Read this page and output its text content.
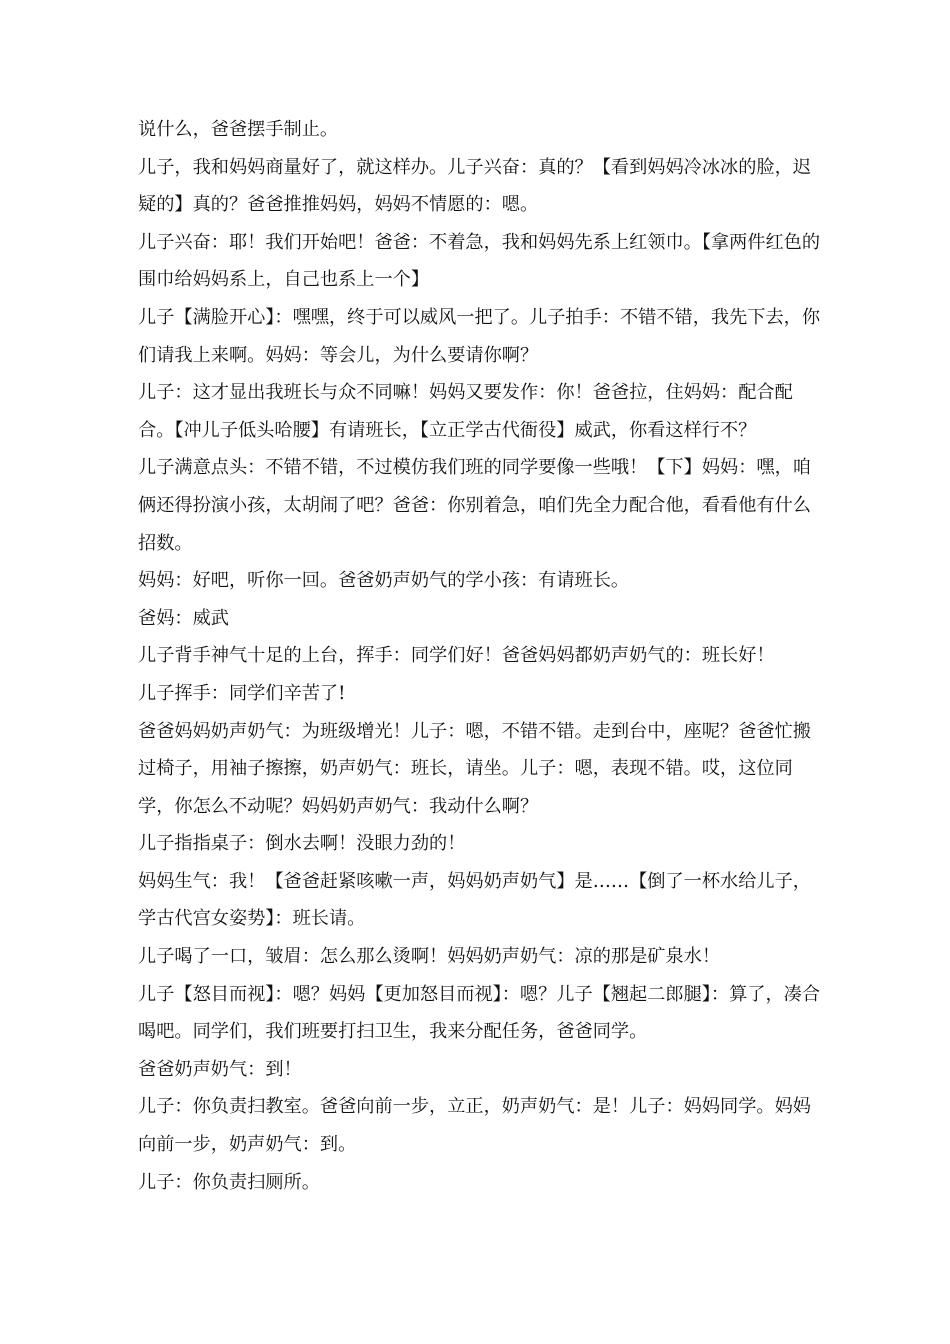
说什么，爸爸摆手制止。

儿子，我和妈妈商量好了，就这样办。儿子兴奋：真的？【看到妈妈冷冰冰的脸，迟疑的】真的？爸爸推推妈妈，妈妈不情愿的：嗯。

儿子兴奋：耶！我们开始吧！爸爸：不着急，我和妈妈先系上红领巾。【拿两件红色的围巾给妈妈系上，自己也系上一个】

儿子【满脸开心】：嘿嘿，终于可以威风一把了。儿子拍手：不错不错，我先下去，你们请我上来啊。妈妈：等会儿，为什么要请你啊？

儿子：这才显出我班长与众不同嘛！妈妈又要发作：你！爸爸拉，住妈妈：配合配合。【冲儿子低头哈腰】有请班长，【立正学古代衙役】威武，你看这样行不？

儿子满意点头：不错不错，不过模仿我们班的同学要像一些哦！【下】妈妈：嘿，咱俩还得扮演小孩，太胡闹了吧？爸爸：你别着急，咱们先全力配合他，看看他有什么招数。

妈妈：好吧，听你一回。爸爸奶声奶气的学小孩：有请班长。

爸妈：威武

儿子背手神气十足的上台，挥手：同学们好！爸爸妈妈都奶声奶气的：班长好！

儿子挥手：同学们辛苦了!

爸爸妈妈奶声奶气：为班级增光！儿子：嗯，不错不错。走到台中，座呢？爸爸忙搬过椅子，用袖子擦擦，奶声奶气：班长，请坐。儿子：嗯，表现不错。哎，这位同学，你怎么不动呢？妈妈奶声奶气：我动什么啊？

儿子指指桌子：倒水去啊！没眼力劲的！

妈妈生气：我！【爸爸赶紧咳嗽一声，妈妈奶声奶气】是……【倒了一杯水给儿子，学古代宫女姿势】：班长请。

儿子喝了一口，皱眉：怎么那么烫啊！妈妈奶声奶气：凉的那是矿泉水！

儿子【怒目而视】：嗯？妈妈【更加怒目而视】：嗯？儿子【翘起二郎腿】：算了，凑合喝吧。同学们，我们班要打扫卫生，我来分配任务，爸爸同学。

爸爸奶声奶气：到！

儿子：你负责扫教室。爸爸向前一步，立正，奶声奶气：是！儿子：妈妈同学。妈妈向前一步，奶声奶气：到。

儿子：你负责扫厕所。
